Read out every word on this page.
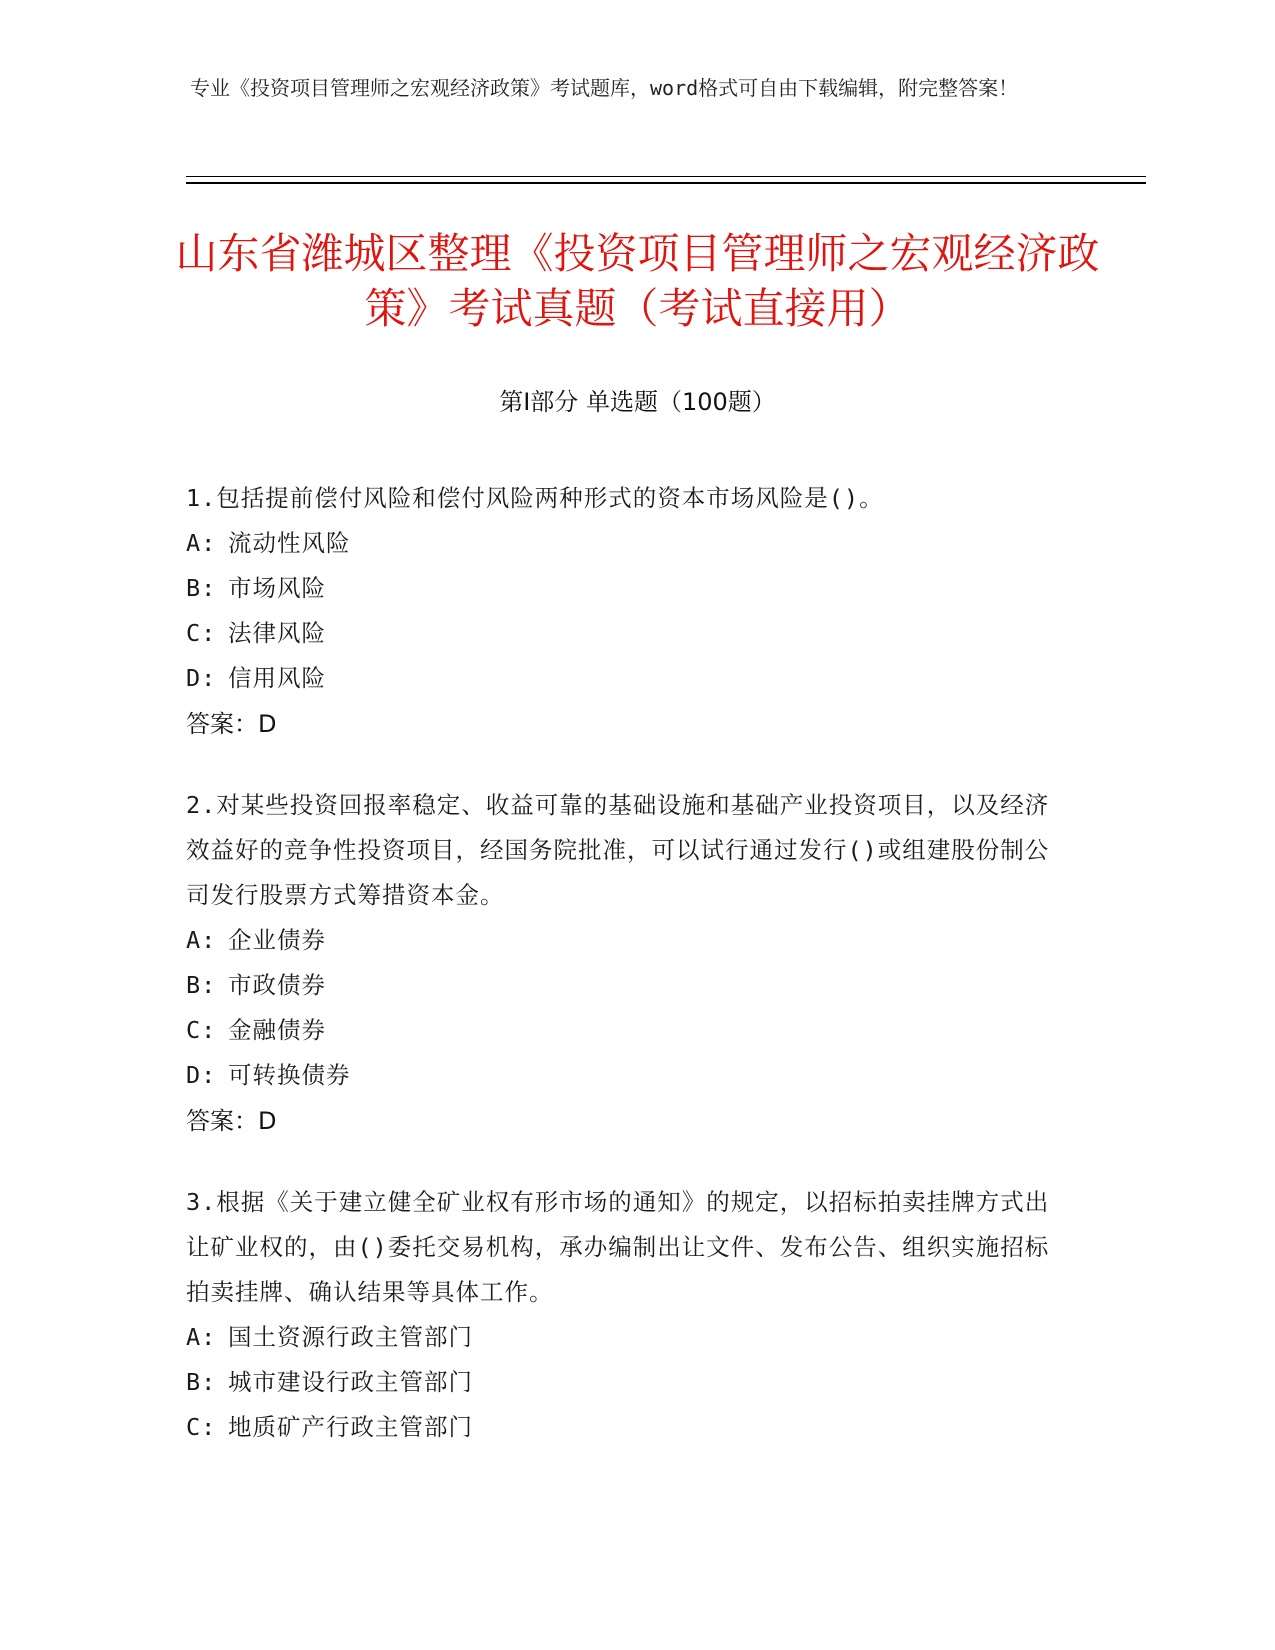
专业《投资项目管理师之宏观经济政策》考试题库，word格式可自由下载编辑，附完整答案！
山东省潍城区整理《投资项目管理师之宏观经济政策》考试真题（考试直接用）
第I部分 单选题（100题）
1.包括提前偿付风险和偿付风险两种形式的资本市场风险是()。
A: 流动性风险
B: 市场风险
C: 法律风险
D: 信用风险
答案：D
2.对某些投资回报率稳定、收益可靠的基础设施和基础产业投资项目，以及经济效益好的竞争性投资项目，经国务院批准，可以试行通过发行()或组建股份制公司发行股票方式筹措资本金。
A: 企业债券
B: 市政债券
C: 金融债券
D: 可转换债券
答案：D
3.根据《关于建立健全矿业权有形市场的通知》的规定，以招标拍卖挂牌方式出让矿业权的，由()委托交易机构，承办编制出让文件、发布公告、组织实施招标拍卖挂牌、确认结果等具体工作。
A: 国土资源行政主管部门
B: 城市建设行政主管部门
C: 地质矿产行政主管部门
